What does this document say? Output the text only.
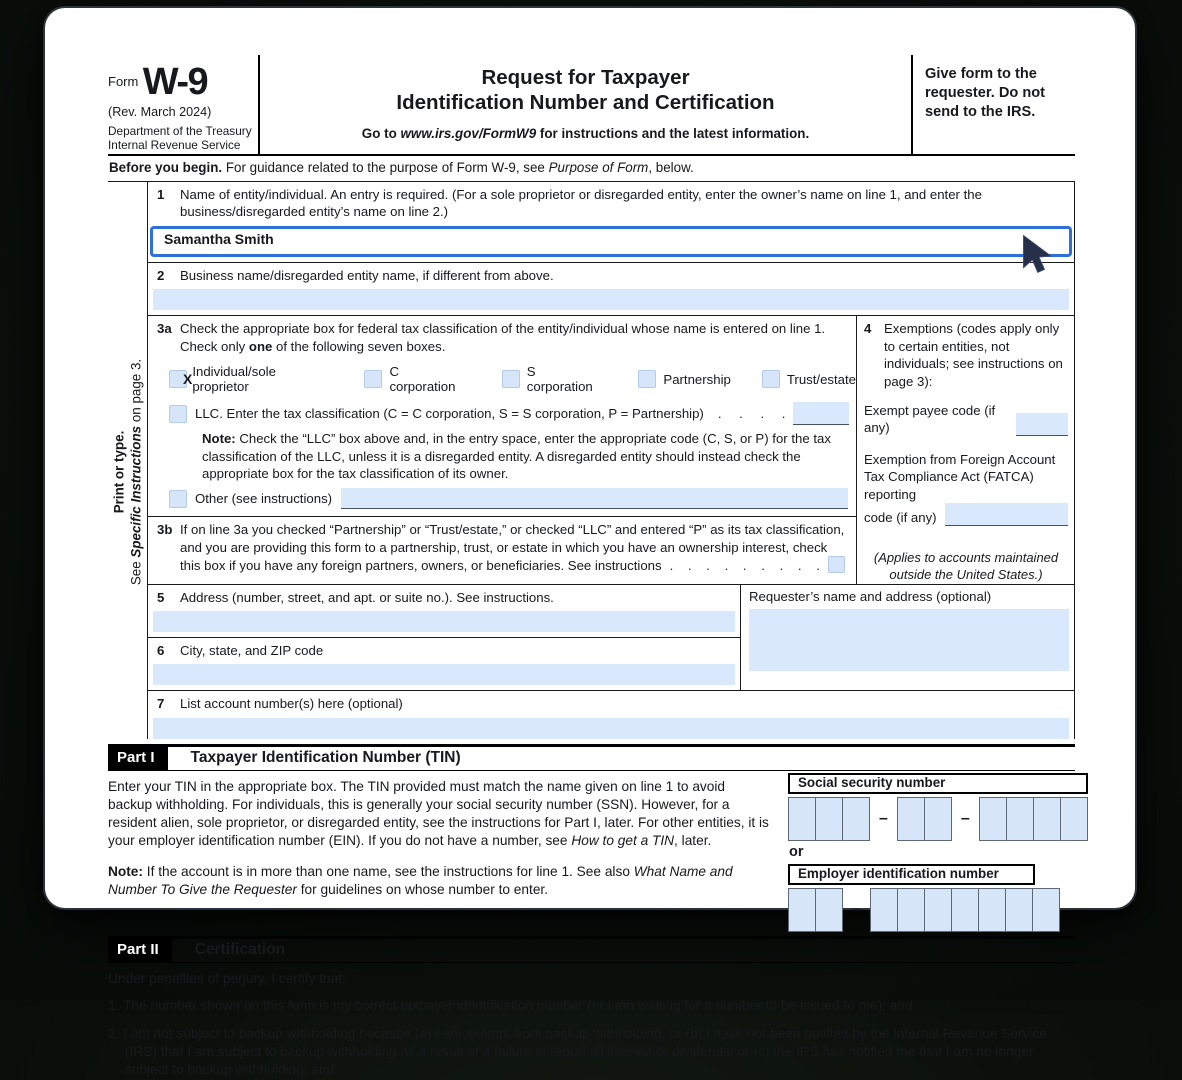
$^{Form}$ W-9
(Rev. March 2024)
Department of the Treasury
Internal Revenue Service
Request for Taxpayer
Identification Number and Certification
Go to www.irs.gov/FormW9 for instructions and the latest information.
Give form to the requester. Do not send to the IRS.
Before you begin. For guidance related to the purpose of Form W-9, see Purpose of Form, below.
Print or type.
See Specific Instructions on page 3.
1	Name of entity/individual. An entry is required. (For a sole proprietor or disregarded entity, enter the owner’s name on line 1, and enter the business/disregarded entity’s name on line 2.)
Samantha Smith
2	Business name/disregarded entity name, if different from above.
3a Check the appropriate box for federal tax classification of the entity/individual whose name is entered on line 1. Check only one of the following seven boxes.
X Individual/sole proprietor
C corporation
S corporation	Partnership	Trust/estate
LLC. Enter the tax classification (C = C corporation, S = S corporation, P = Partnership) . . . .
Note: Check the “LLC” box above and, in the entry space, enter the appropriate code (C, S, or P) for the tax classification of the LLC, unless it is a disregarded entity. A disregarded entity should instead check the appropriate box for the tax classification of its owner.
Other (see instructions)
3b If on line 3a you checked “Partnership” or “Trust/estate,” or checked “LLC” and entered “P” as its tax classification, and you are providing this form to a partnership, trust, or estate in which you have an ownership interest, check this box if you have any foreign partners, owners, or beneficiaries. See instructions . . . . . . . . .
4 Exemptions (codes apply only to certain entities, not individuals; see instructions on page 3):
Exempt payee code (if any)
Exemption from Foreign Account Tax Compliance Act (FATCA) reporting
code (if any)
(Applies to accounts maintained
outside the United States.)
5	Address (number, street, and apt. or suite no.). See instructions.
6	City, state, and ZIP code
Requester’s name and address (optional)
7	List account number(s) here (optional)
Part I	Taxpayer Identification Number (TIN)
Enter your TIN in the appropriate box. The TIN provided must match the name given on line 1 to avoid backup withholding. For individuals, this is generally your social security number (SSN). However, for a resident alien, sole proprietor, or disregarded entity, see the instructions for Part I, later. For other entities, it is your employer identification number (EIN). If you do not have a number, see How to get a TIN, later.
Note: If the account is in more than one name, see the instructions for line 1. See also What Name and Number To Give the Requester for guidelines on whose number to enter.
Social security number
–	–
or
Employer identification number
–
Part II	Certification
Under penalties of perjury, I certify that:
1. The number shown on this form is my correct taxpayer identification number (or I am waiting for a number to be issued to me); and
2. I am not subject to backup withholding because (a) I am exempt from backup withholding, or (b) I have not been notified by the Internal Revenue Service (IRS) that I am subject to backup withholding as a result of a failure to report all interest or dividends, or (c) the IRS has notified me that I am no longer subject to backup withholding; and
